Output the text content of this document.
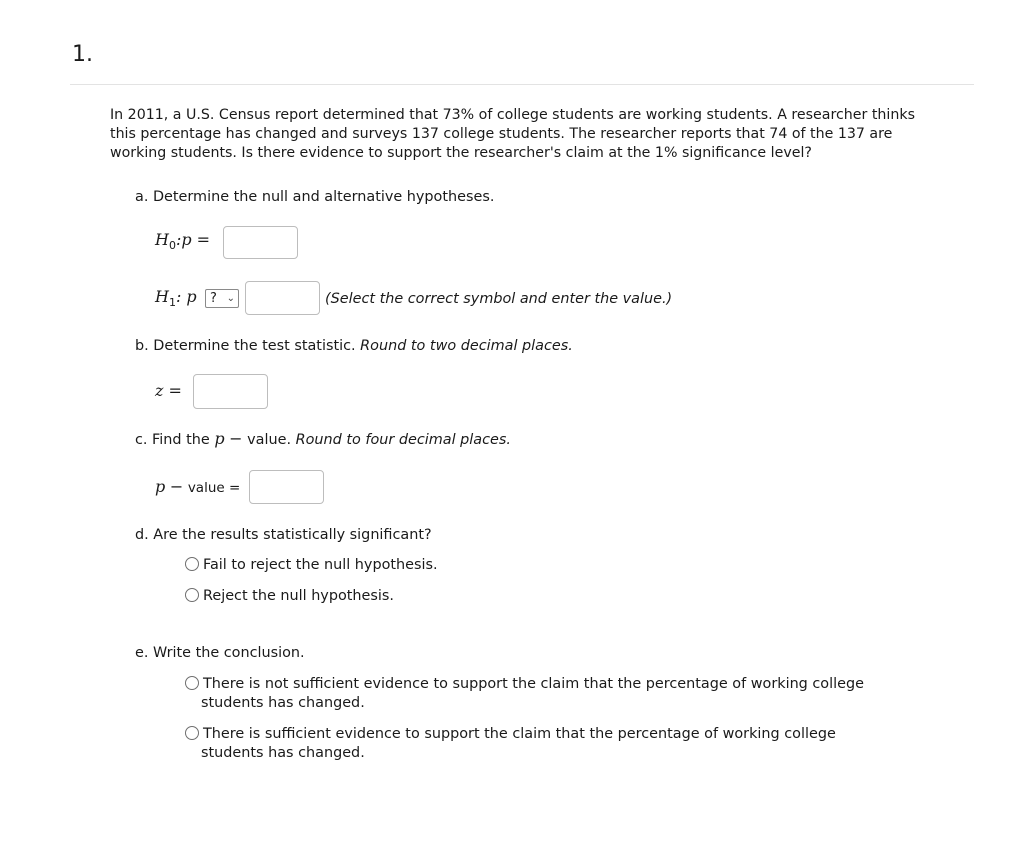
1.
In 2011, a U.S. Census report determined that 73% of college students are working students. A researcher thinks this percentage has changed and surveys 137 college students. The researcher reports that 74 of the 137 are working students. Is there evidence to support the researcher's claim at the 1% significance level?
a. Determine the null and alternative hypotheses.
$H_0:p$ =
$H_1$: p	? ⌄	(Select the correct symbol and enter the value.)
b. Determine the test statistic. Round to two decimal places.
z =
c. Find the p − value. Round to four decimal places.
p − value =
d. Are the results statistically significant?
Fail to reject the null hypothesis.
Reject the null hypothesis.
e. Write the conclusion.
There is not sufficient evidence to support the claim that the percentage of working college students has changed.
There is sufficient evidence to support the claim that the percentage of working college students has changed.
